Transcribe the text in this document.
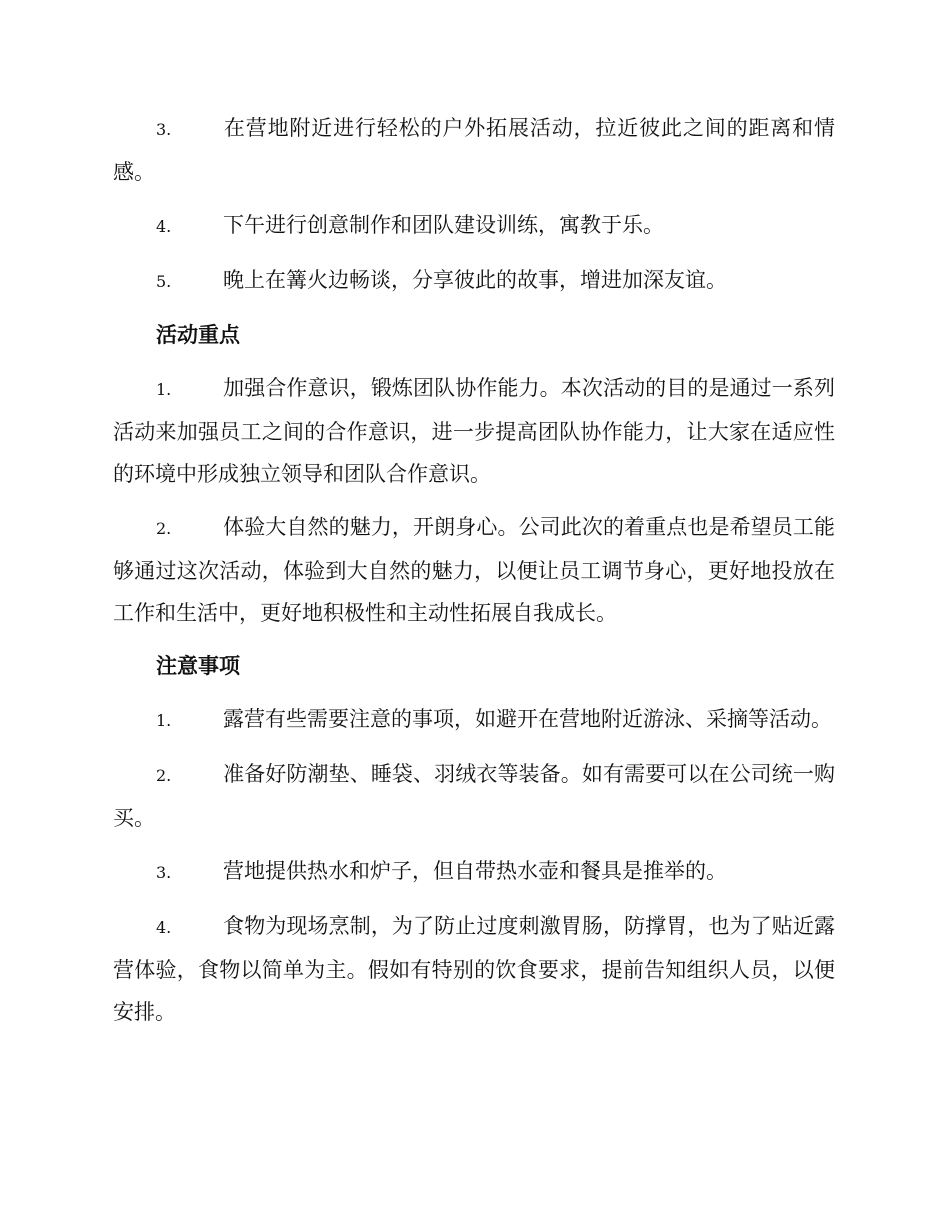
3. 在营地附近进行轻松的户外拓展活动，拉近彼此之间的距离和情感。

4. 下午进行创意制作和团队建设训练，寓教于乐。

5. 晚上在篝火边畅谈，分享彼此的故事，增进加深友谊。

活动重点

1. 加强合作意识，锻炼团队协作能力。本次活动的目的是通过一系列活动来加强员工之间的合作意识，进一步提高团队协作能力，让大家在适应性的环境中形成独立领导和团队合作意识。

2. 体验大自然的魅力，开朗身心。公司此次的着重点也是希望员工能够通过这次活动，体验到大自然的魅力，以便让员工调节身心，更好地投放在工作和生活中，更好地积极性和主动性拓展自我成长。

注意事项

1. 露营有些需要注意的事项，如避开在营地附近游泳、采摘等活动。

2. 准备好防潮垫、睡袋、羽绒衣等装备。如有需要可以在公司统一购买。

3. 营地提供热水和炉子，但自带热水壶和餐具是推举的。

4. 食物为现场烹制，为了防止过度刺激胃肠，防撑胃，也为了贴近露营体验，食物以简单为主。假如有特别的饮食要求，提前告知组织人员，以便安排。
